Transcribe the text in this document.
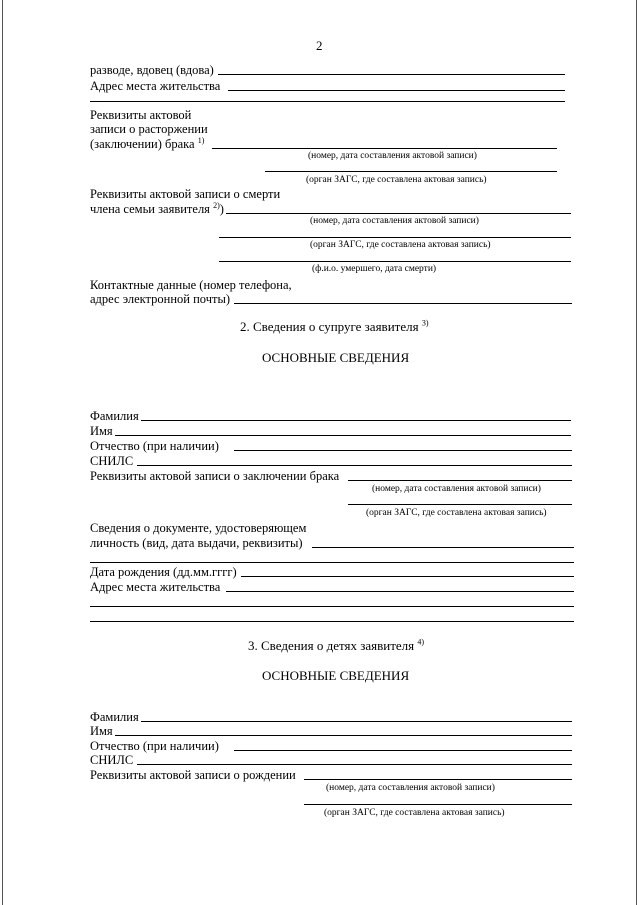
2
разводе, вдовец (вдова)
Адрес места жительства
Реквизиты актовой
записи о расторжении
(заключении) брака $^{1)}$
(номер, дата составления актовой записи)
(орган ЗАГС, где составлена актовая запись)
Реквизиты актовой записи о смерти
члена семьи заявителя $^{2)}$)
(номер, дата составления актовой записи)
(орган ЗАГС, где составлена актовая запись)
(ф.и.о. умершего, дата смерти)
Контактные данные (номер телефона,
адрес электронной почты)
2. Сведения о супруге заявителя $^{3)}$
ОСНОВНЫЕ СВЕДЕНИЯ
Фамилия
Имя
Отчество (при наличии)
СНИЛС
Реквизиты актовой записи о заключении брака
(номер, дата составления актовой записи)
(орган ЗАГС, где составлена актовая запись)
Сведения о документе, удостоверяющем
личность (вид, дата выдачи, реквизиты)
Дата рождения (дд.мм.гггг)
Адрес места жительства
3. Сведения о детях заявителя $^{4)}$
ОСНОВНЫЕ СВЕДЕНИЯ
Фамилия
Имя
Отчество (при наличии)
СНИЛС
Реквизиты актовой записи о рождении
(номер, дата составления актовой записи)
(орган ЗАГС, где составлена актовая запись)
